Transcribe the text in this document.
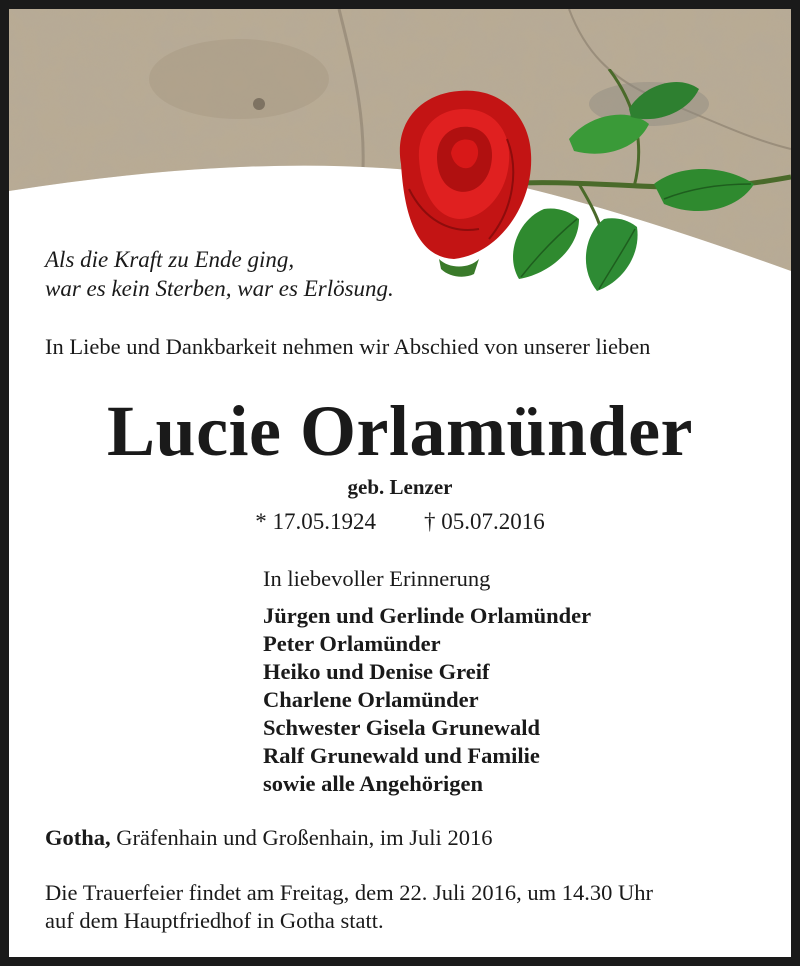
Als die Kraft zu Ende ging,
war es kein Sterben, war es Erlösung.
In Liebe und Dankbarkeit nehmen wir Abschied von unserer lieben
Lucie Orlamünder
geb. Lenzer
* 17.05.1924 † 05.07.2016
In liebevoller Erinnerung
Jürgen und Gerlinde Orlamünder
Peter Orlamünder
Heiko und Denise Greif
Charlene Orlamünder
Schwester Gisela Grunewald
Ralf Grunewald und Familie
sowie alle Angehörigen
Gotha, Gräfenhain und Großenhain, im Juli 2016
Die Trauerfeier findet am Freitag, dem 22. Juli 2016, um 14.30 Uhr
auf dem Hauptfriedhof in Gotha statt.
